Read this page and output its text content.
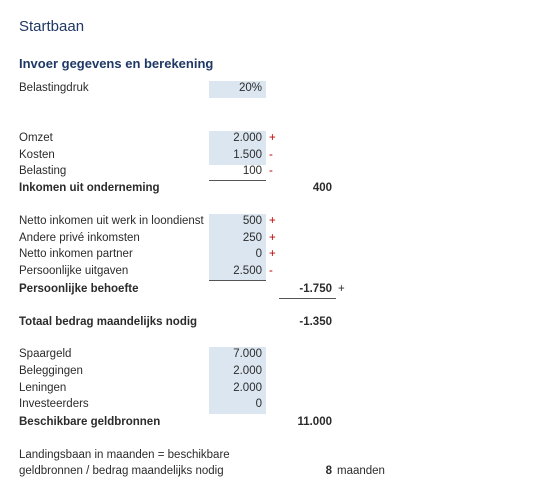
Startbaan
Invoer gegevens en berekening
Belastingdruk	20%
Omzet	2.000 +
Kosten	1.500 -
Belasting	100 -
Inkomen uit onderneming	400
Netto inkomen uit werk in loondienst	500 +
Andere privé inkomsten	250 +
Netto inkomen partner	0 +
Persoonlijke uitgaven	2.500 -
Persoonlijke behoefte	-1.750 +
Totaal bedrag maandelijks nodig	-1.350
Spaargeld	7.000
Beleggingen	2.000
Leningen	2.000
Investeerders	0
Beschikbare geldbronnen	11.000
Landingsbaan in maanden = beschikbare
geldbronnen / bedrag maandelijks nodig	8 maanden
